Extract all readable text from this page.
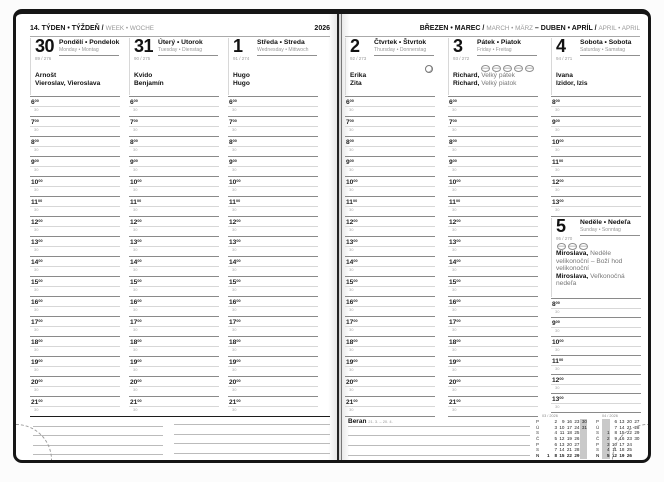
14. TÝDEN • TÝŽDEŇ / WEEK • WOCHE	2026	BŘEZEN • MAREC / MARCH • MÄRZ – DUBEN • APRÍL / APRIL • APRIL
30
89 / 276
Pondělí • Pondelok
Monday • Montag
Arnošt
Vieroslav, Vieroslava
$6^{00}$
30
$7^{00}$
30
$8^{00}$
30
$9^{00}$
30
$10^{00}$
30
$11^{00}$
30
$12^{00}$
30
$13^{00}$
30
$14^{00}$
30
$15^{00}$
30
$16^{00}$
30
$17^{00}$
30
$18^{00}$
30
$19^{00}$
30
$20^{00}$
30
$21^{00}$
30
31
90 / 275
Úterý • Utorok
Tuesday • Dienstag
Kvido
Benjamín
$6^{00}$
30
$7^{00}$
30
$8^{00}$
30
$9^{00}$
30
$10^{00}$
30
$11^{00}$
30
$12^{00}$
30
$13^{00}$
30
$14^{00}$
30
$15^{00}$
30
$16^{00}$
30
$17^{00}$
30
$18^{00}$
30
$19^{00}$
30
$20^{00}$
30
$21^{00}$
30
1
91 / 274
Středa • Streda
Wednesday • Mittwoch
Hugo
Hugo
$6^{00}$
30
$7^{00}$
30
$8^{00}$
30
$9^{00}$
30
$10^{00}$
30
$11^{00}$
30
$12^{00}$
30
$13^{00}$
30
$14^{00}$
30
$15^{00}$
30
$16^{00}$
30
$17^{00}$
30
$18^{00}$
30
$19^{00}$
30
$20^{00}$
30
$21^{00}$
30
2
92 / 273
Čtvrtek • Štvrtok
Thursday • Donnerstag
Erika
Zita
$6^{00}$
30
$7^{00}$
30
$8^{00}$
30
$9^{00}$
30
$10^{00}$
30
$11^{00}$
30
$12^{00}$
30
$13^{00}$
30
$14^{00}$
30
$15^{00}$
30
$16^{00}$
30
$17^{00}$
30
$18^{00}$
30
$19^{00}$
30
$20^{00}$
30
$21^{00}$
30
3
93 / 272
Pátek • Piatok
Friday • Freitag
Richard, Velký pátek
Richard, Velký piatok
$6^{00}$
30
$7^{00}$
30
$8^{00}$
30
$9^{00}$
30
$10^{00}$
30
$11^{00}$
30
$12^{00}$
30
$13^{00}$
30
$14^{00}$
30
$15^{00}$
30
$16^{00}$
30
$17^{00}$
30
$18^{00}$
30
$19^{00}$
30
$20^{00}$
30
$21^{00}$
30
4
94 / 271
Sobota • Sobota
Saturday • Samstag
Ivana
Izidor, Izis
$8^{00}$
30
$9^{00}$
30
$10^{00}$
30
$11^{00}$
30
$12^{00}$
30
$13^{00}$
30
5
95 / 270
Neděle • Nedeľa
Sunday • Sonntag
Miroslava, Neděle velikonoční – Boží hod velikonoční
Miroslava, Veľkonočná nedeľa
$8^{00}$
30
$9^{00}$
30
$10^{00}$
30
$11^{00}$
30
$12^{00}$
30
$13^{00}$
30
Beran 21. 3. – 20. 4.
03 / 2026
P	2	9 16 23 30
Ú	3 10 17 24 31
S	4 11 18 25
Č	5 12 19 26
P	6 13 20 27
S	7 14 21 28
N	1	8 15 22 29
04 / 2026
P	6 13 20 27
Ú	7 14 21 28
S	1	8 15 22 29
Č	2	9 16 23 30
P	3 10 17 24
S	4 11 18 25
N	5 12 19 26
